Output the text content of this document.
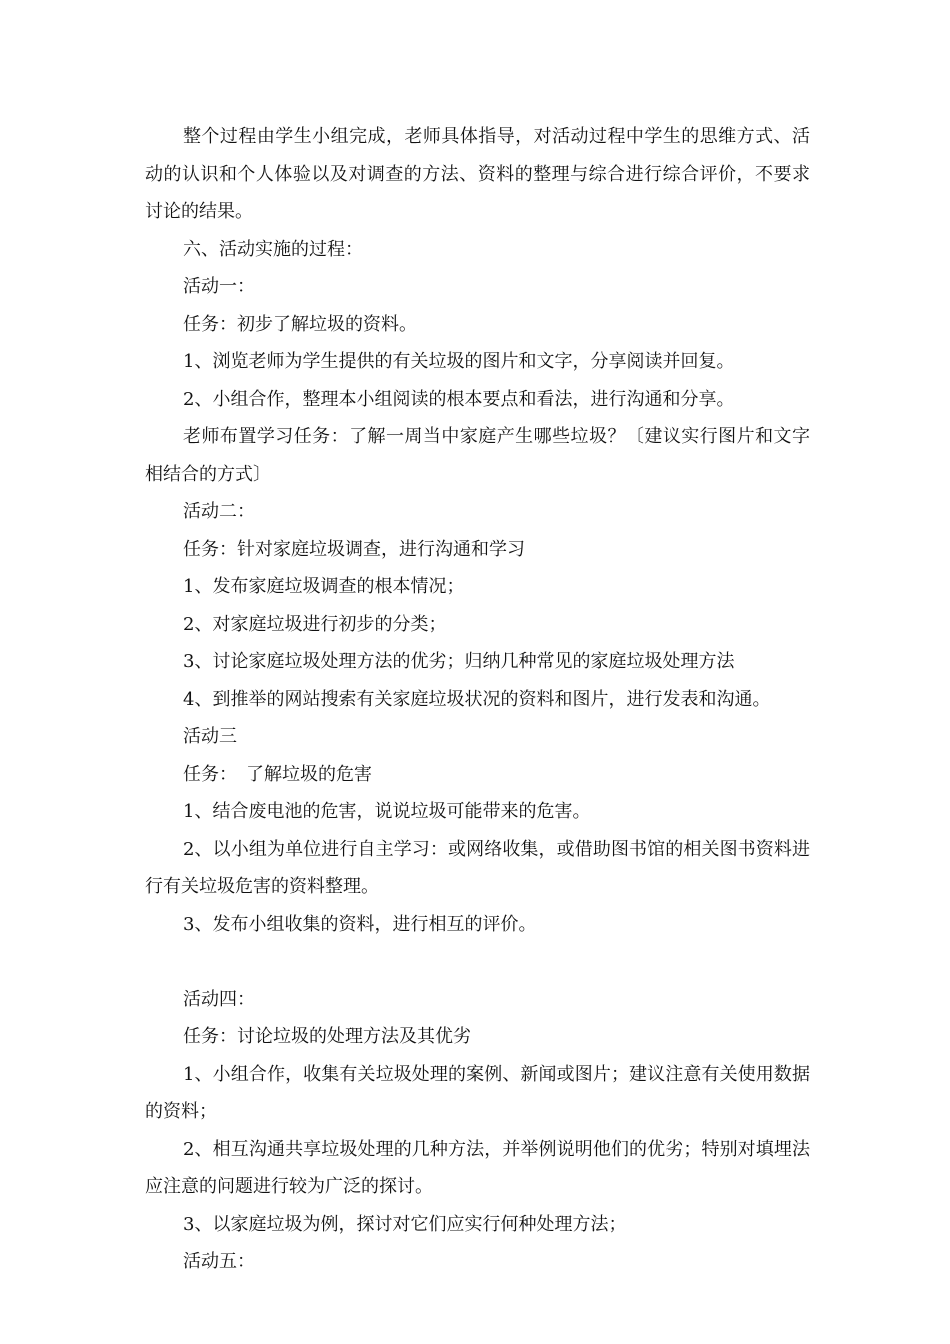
整个过程由学生小组完成，老师具体指导，对活动过程中学生的思维方式、活动的认识和个人体验以及对调查的方法、资料的整理与综合进行综合评价，不要求讨论的结果。

六、活动实施的过程：

活动一：

任务：初步了解垃圾的资料。

1、浏览老师为学生提供的有关垃圾的图片和文字，分享阅读并回复。

2、小组合作，整理本小组阅读的根本要点和看法，进行沟通和分享。

老师布置学习任务：了解一周当中家庭产生哪些垃圾？〔建议实行图片和文字相结合的方式〕

活动二：

任务：针对家庭垃圾调查，进行沟通和学习

1、发布家庭垃圾调查的根本情况；

2、对家庭垃圾进行初步的分类；

3、讨论家庭垃圾处理方法的优劣；归纳几种常见的家庭垃圾处理方法

4、到推举的网站搜索有关家庭垃圾状况的资料和图片，进行发表和沟通。

活动三

任务：　了解垃圾的危害

1、结合废电池的危害，说说垃圾可能带来的危害。

2、以小组为单位进行自主学习：或网络收集，或借助图书馆的相关图书资料进行有关垃圾危害的资料整理。

3、发布小组收集的资料，进行相互的评价。

活动四：

任务：讨论垃圾的处理方法及其优劣

1、小组合作，收集有关垃圾处理的案例、新闻或图片；建议注意有关使用数据的资料；

2、相互沟通共享垃圾处理的几种方法，并举例说明他们的优劣；特别对填埋法应注意的问题进行较为广泛的探讨。

3、以家庭垃圾为例，探讨对它们应实行何种处理方法；

活动五：
